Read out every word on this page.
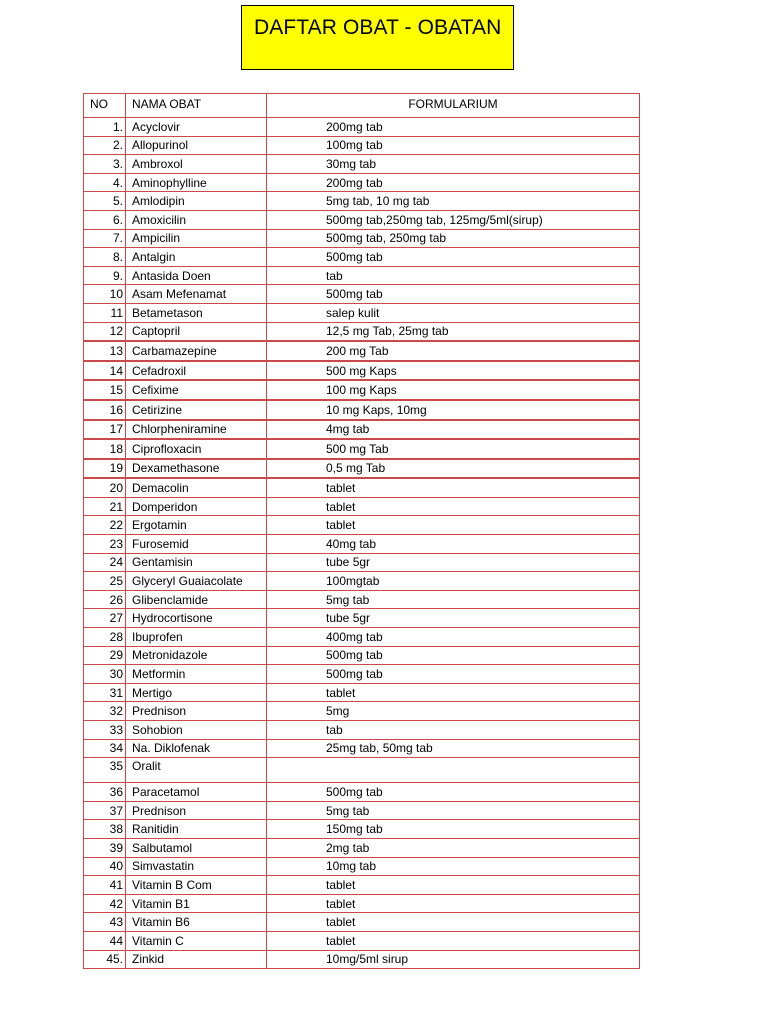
DAFTAR OBAT - OBATAN
NO	NAMA OBAT	FORMULARIUM
1.	Acyclovir	200mg tab
2.	Allopurinol	100mg tab
3.	Ambroxol	30mg tab
4.	Aminophylline	200mg tab
5.	Amlodipin	5mg tab, 10 mg tab
6.	Amoxicilin	500mg tab,250mg tab, 125mg/5ml(sirup)
7.	Ampicilin	500mg tab, 250mg tab
8.	Antalgin	500mg tab
9.	Antasida Doen	tab
10	Asam Mefenamat	500mg tab
11	Betametason	salep kulit
12	Captopril	12,5 mg Tab, 25mg tab
13	Carbamazepine	200 mg Tab
14	Cefadroxil	500 mg Kaps
15	Cefixime	100 mg Kaps
16	Cetirizine	10 mg Kaps, 10mg
17	Chlorpheniramine	4mg tab
18	Ciprofloxacin	500 mg Tab
19	Dexamethasone	0,5 mg Tab
20	Demacolin	tablet
21	Domperidon	tablet
22	Ergotamin	tablet
23	Furosemid	40mg tab
24	Gentamisin	tube 5gr
25	Glyceryl Guaiacolate	100mgtab
26	Glibenclamide	5mg tab
27	Hydrocortisone	tube 5gr
28	Ibuprofen	400mg tab
29	Metronidazole	500mg tab
30	Metformin	500mg tab
31	Mertigo	tablet
32	Prednison	5mg
33	Sohobion	tab
34	Na. Diklofenak	25mg tab, 50mg tab
35	Oralit	
36	Paracetamol	500mg tab
37	Prednison	5mg tab
38	Ranitidin	150mg tab
39	Salbutamol	2mg tab
40	Simvastatin	10mg tab
41	Vitamin B Com	tablet
42	Vitamin B1	tablet
43	Vitamin B6	tablet
44	Vitamin C	tablet
45.	Zinkid	10mg/5ml sirup
